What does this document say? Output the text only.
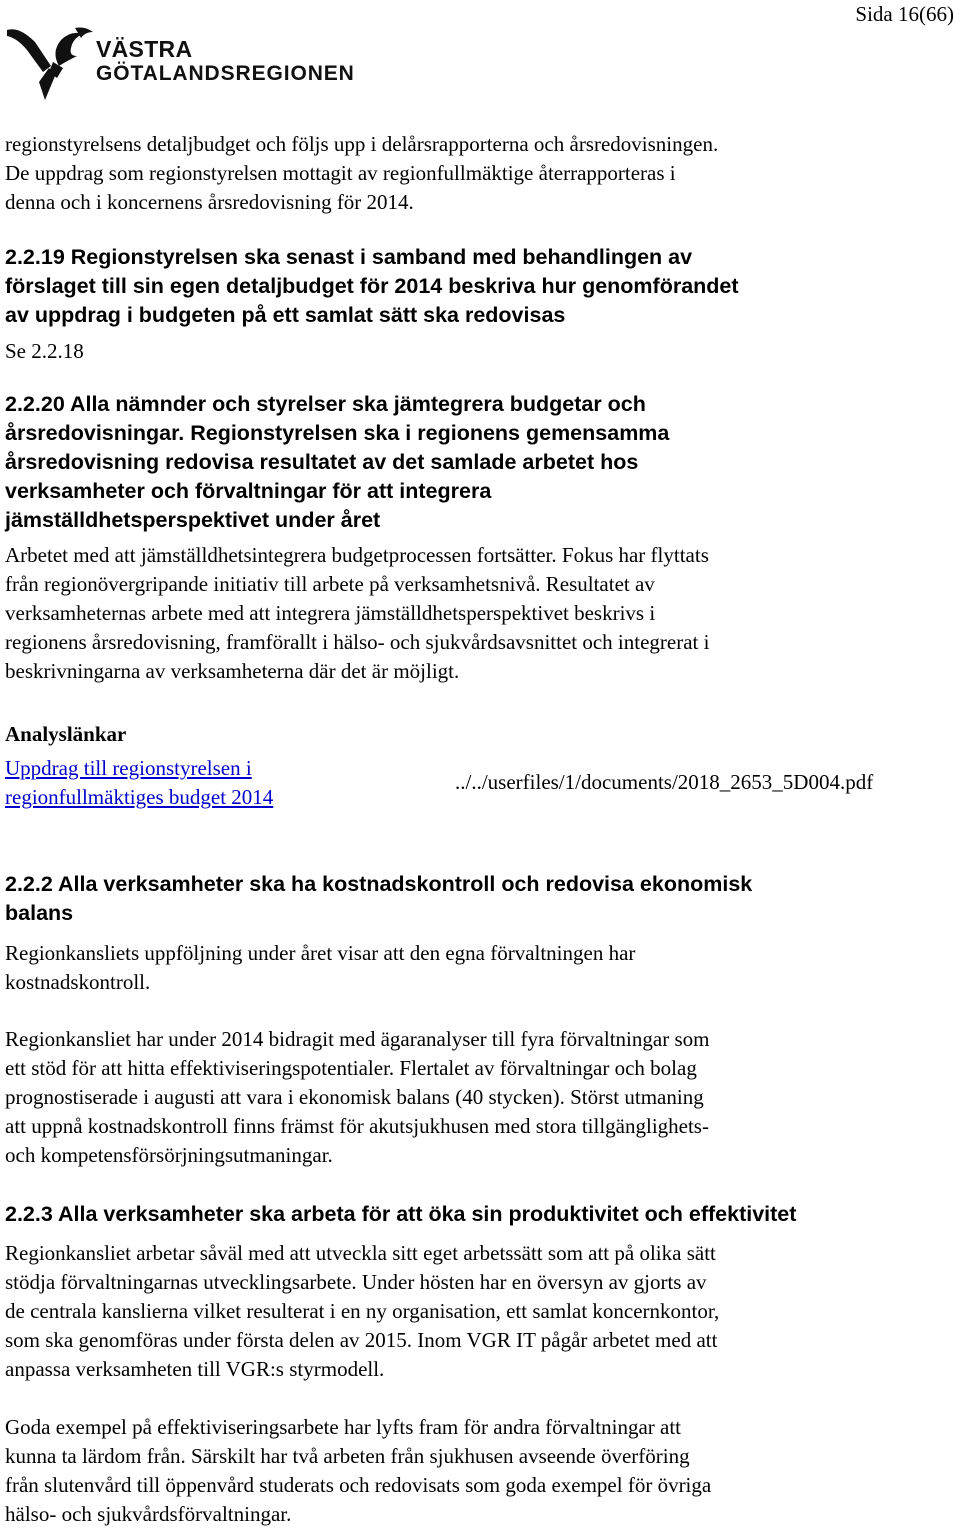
Sida 16(66)
VÄSTRA
GÖTALANDSREGIONEN
regionstyrelsens detaljbudget och följs upp i delårsrapporterna och årsredovisningen.
De uppdrag som regionstyrelsen mottagit av regionfullmäktige återrapporteras i
denna och i koncernens årsredovisning för 2014.
2.2.19 Regionstyrelsen ska senast i samband med behandlingen av
förslaget till sin egen detaljbudget för 2014 beskriva hur genomförandet
av uppdrag i budgeten på ett samlat sätt ska redovisas
Se 2.2.18
2.2.20 Alla nämnder och styrelser ska jämtegrera budgetar och
årsredovisningar. Regionstyrelsen ska i regionens gemensamma
årsredovisning redovisa resultatet av det samlade arbetet hos
verksamheter och förvaltningar för att integrera
jämställdhetsperspektivet under året
Arbetet med att jämställdhetsintegrera budgetprocessen fortsätter. Fokus har flyttats
från regionövergripande initiativ till arbete på verksamhetsnivå. Resultatet av
verksamheternas arbete med att integrera jämställdhetsperspektivet beskrivs i
regionens årsredovisning, framförallt i hälso- och sjukvårdsavsnittet och integrerat i
beskrivningarna av verksamheterna där det är möjligt.
Analyslänkar
Uppdrag till regionstyrelsen i
regionfullmäktiges budget 2014
../../userfiles/1/documents/2018_2653_5D004.pdf
2.2.2 Alla verksamheter ska ha kostnadskontroll och redovisa ekonomisk
balans
Regionkansliets uppföljning under året visar att den egna förvaltningen har
kostnadskontroll.
Regionkansliet har under 2014 bidragit med ägaranalyser till fyra förvaltningar som
ett stöd för att hitta effektiviseringspotentialer. Flertalet av förvaltningar och bolag
prognostiserade i augusti att vara i ekonomisk balans (40 stycken). Störst utmaning
att uppnå kostnadskontroll finns främst för akutsjukhusen med stora tillgänglighets-
och kompetensförsörjningsutmaningar.
2.2.3 Alla verksamheter ska arbeta för att öka sin produktivitet och effektivitet
Regionkansliet arbetar såväl med att utveckla sitt eget arbetssätt som att på olika sätt
stödja förvaltningarnas utvecklingsarbete. Under hösten har en översyn av gjorts av
de centrala kanslierna vilket resulterat i en ny organisation, ett samlat koncernkontor,
som ska genomföras under första delen av 2015. Inom VGR IT pågår arbetet med att
anpassa verksamheten till VGR:s styrmodell.
Goda exempel på effektiviseringsarbete har lyfts fram för andra förvaltningar att
kunna ta lärdom från. Särskilt har två arbeten från sjukhusen avseende överföring
från slutenvård till öppenvård studerats och redovisats som goda exempel för övriga
hälso- och sjukvårdsförvaltningar.
